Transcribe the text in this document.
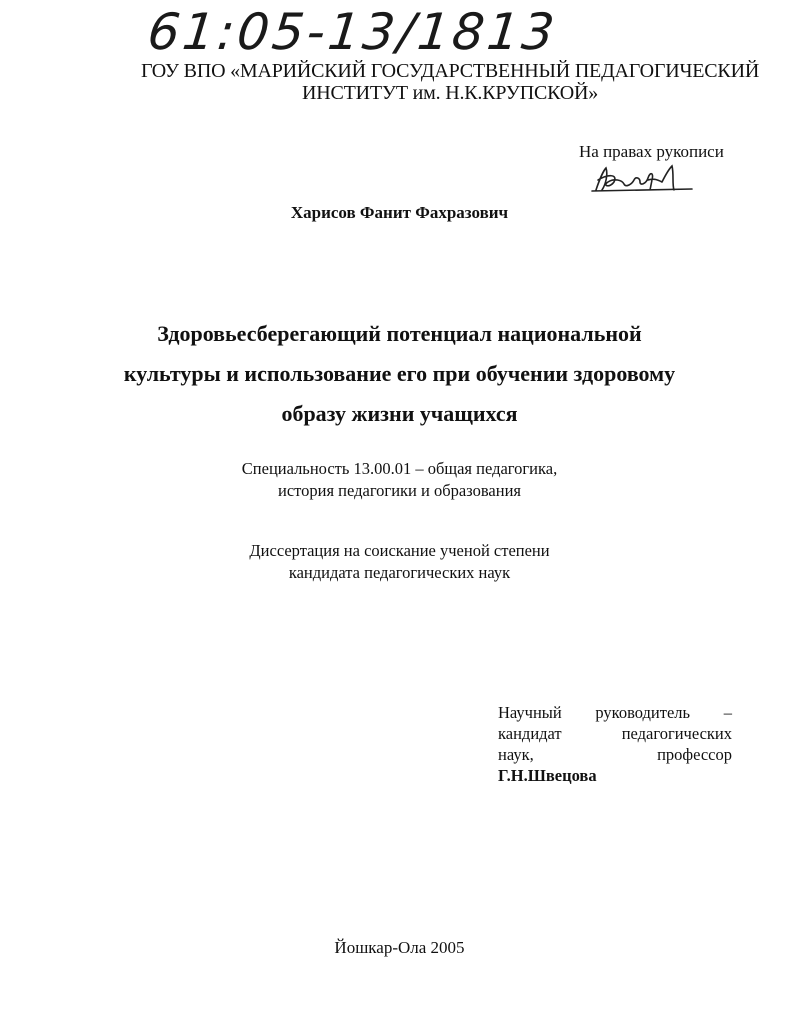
61:05-13/1813
ГОУ ВПО «МАРИЙСКИЙ ГОСУДАРСТВЕННЫЙ ПЕДАГОГИЧЕСКИЙ
ИНСТИТУТ им. Н.К.КРУПСКОЙ»
На правах рукописи
Харисов Фанит Фахразович
Здоровьесберегающий потенциал национальной
культуры и использование его при обучении здоровому
образу жизни учащихся
Специальность 13.00.01 – общая педагогика,
история педагогики и образования
Диссертация на соискание ученой степени
кандидата педагогических наук
Научный руководитель –
кандидат	педагогических
наук,	профессор
Г.Н.Швецова
Йошкар-Ола 2005
